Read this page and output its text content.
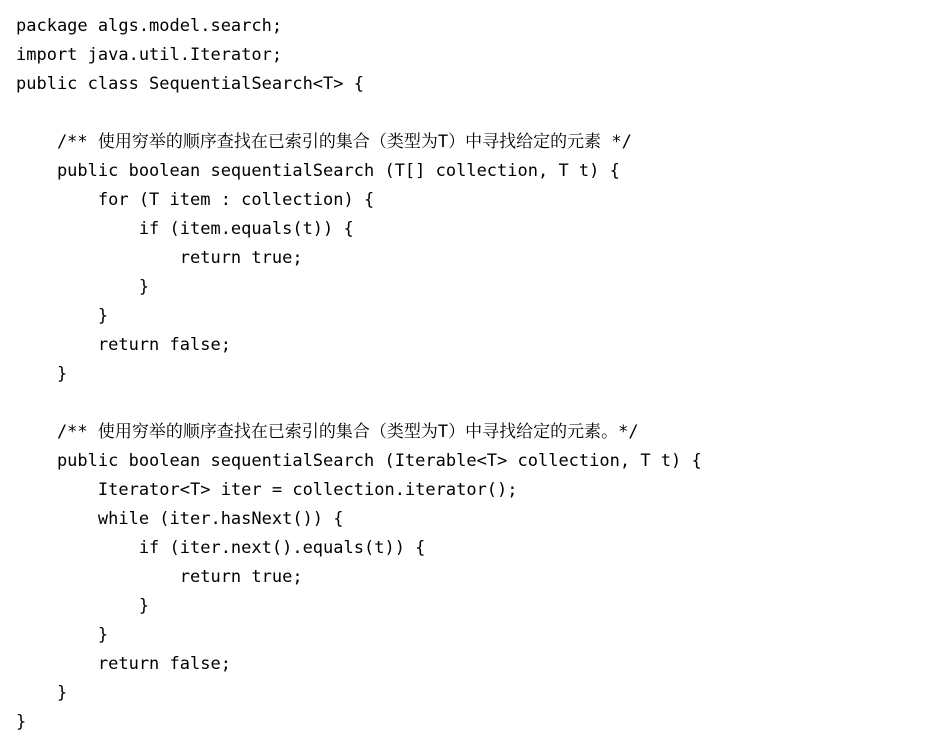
package algs.model.search;
import java.util.Iterator;
public class SequentialSearch<T> {
/** 使用穷举的顺序查找在已索引的集合（类型为T）中寻找给定的元素 */
public boolean sequentialSearch (T[] collection, T t) {
for (T item : collection) {
if (item.equals(t)) {
return true;
}
}
return false;
}
/** 使用穷举的顺序查找在已索引的集合（类型为T）中寻找给定的元素。*/
public boolean sequentialSearch (Iterable<T> collection, T t) {
Iterator<T> iter = collection.iterator();
while (iter.hasNext()) {
if (iter.next().equals(t)) {
return true;
}
}
return false;
}
}
